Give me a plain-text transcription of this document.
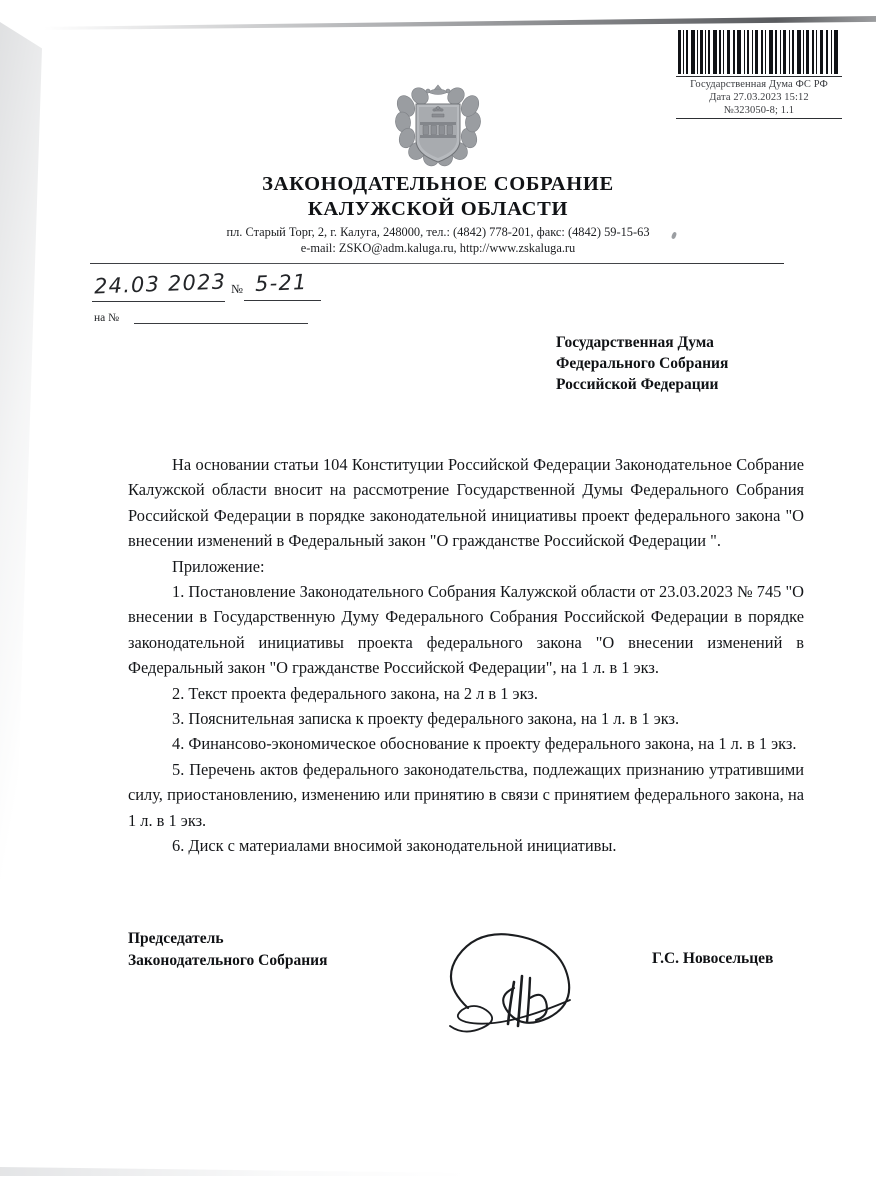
Государственная Дума ФС РФ
Дата 27.03.2023 15:12
№323050-8; 1.1
ЗАКОНОДАТЕЛЬНОЕ СОБРАНИЕ
КАЛУЖСКОЙ ОБЛАСТИ
пл. Старый Торг, 2, г. Калуга, 248000, тел.: (4842) 778-201, факс: (4842) 59-15-63
e-mail: ZSKO@adm.kaluga.ru, http://www.zskaluga.ru
24.03 2023 № 5-21
на №
Государственная Дума
Федерального Собрания
Российской Федерации

На основании статьи 104 Конституции Российской Федерации Законодательное Собрание Калужской области вносит на рассмотрение Государственной Думы Федерального Собрания Российской Федерации в порядке законодательной инициативы проект федерального закона "О внесении изменений в Федеральный закон "О гражданстве Российской Федерации ".

Приложение:

1. Постановление Законодательного Собрания Калужской области от 23.03.2023 № 745 "О внесении в Государственную Думу Федерального Собрания Российской Федерации в порядке законодательной инициативы проекта федерального закона "О внесении изменений в Федеральный закон "О гражданстве Российской Федерации", на 1 л. в 1 экз.

2. Текст проекта федерального закона, на 2 л в 1 экз.

3. Пояснительная записка к проекту федерального закона, на 1 л. в 1 экз.

4. Финансово-экономическое обоснование к проекту федерального закона, на 1 л. в 1 экз.

5. Перечень актов федерального законодательства, подлежащих признанию утратившими силу, приостановлению, изменению или принятию в связи с принятием федерального закона, на 1 л. в 1 экз.

6. Диск с материалами вносимой законодательной инициативы.

Председатель
Законодательного Собрания	Г.С. Новосельцев
